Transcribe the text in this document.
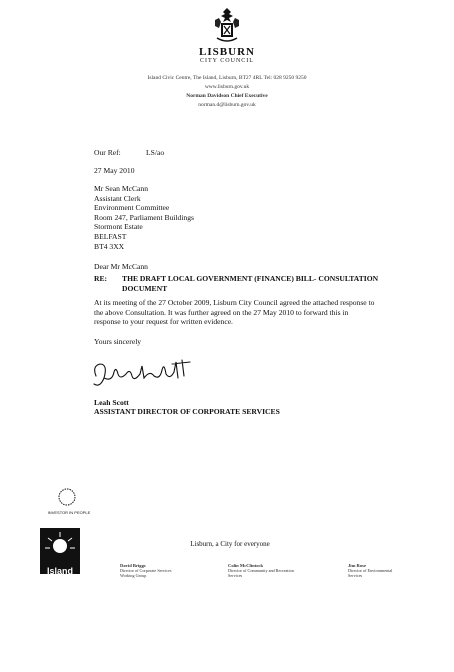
LISBURN
CITY COUNCIL
Island Civic Centre, The Island, Lisburn, BT27 4RL Tel: 028 9250 9250
www.lisburn.gov.uk
Norman Davidson Chief Executive
norman.d@lisburn.gov.uk
Our Ref:	LS/ao
27 May 2010
Mr Sean McCann
Assistant Clerk
Environment Committee
Room 247, Parliament Buildings
Stormont Estate
BELFAST
BT4 3XX
Dear Mr McCann
RE: THE DRAFT LOCAL GOVERNMENT (FINANCE) BILL- CONSULTATION DOCUMENT
At its meeting of the 27 October 2009, Lisburn City Council agreed the attached response to the above Consultation. It was further agreed on the 27 May 2010 to forward this in response to your request for written evidence.
Yours sincerely
Leah Scott
ASSISTANT DIRECTOR OF CORPORATE SERVICES
INVESTOR IN PEOPLE
Island
Lisburn, a City for everyone
David Briggs
Director of Corporate Services
Working Group
Colin McClintock
Director of Community and Recreation
Services
Jim Rose
Director of Environmental
Services
